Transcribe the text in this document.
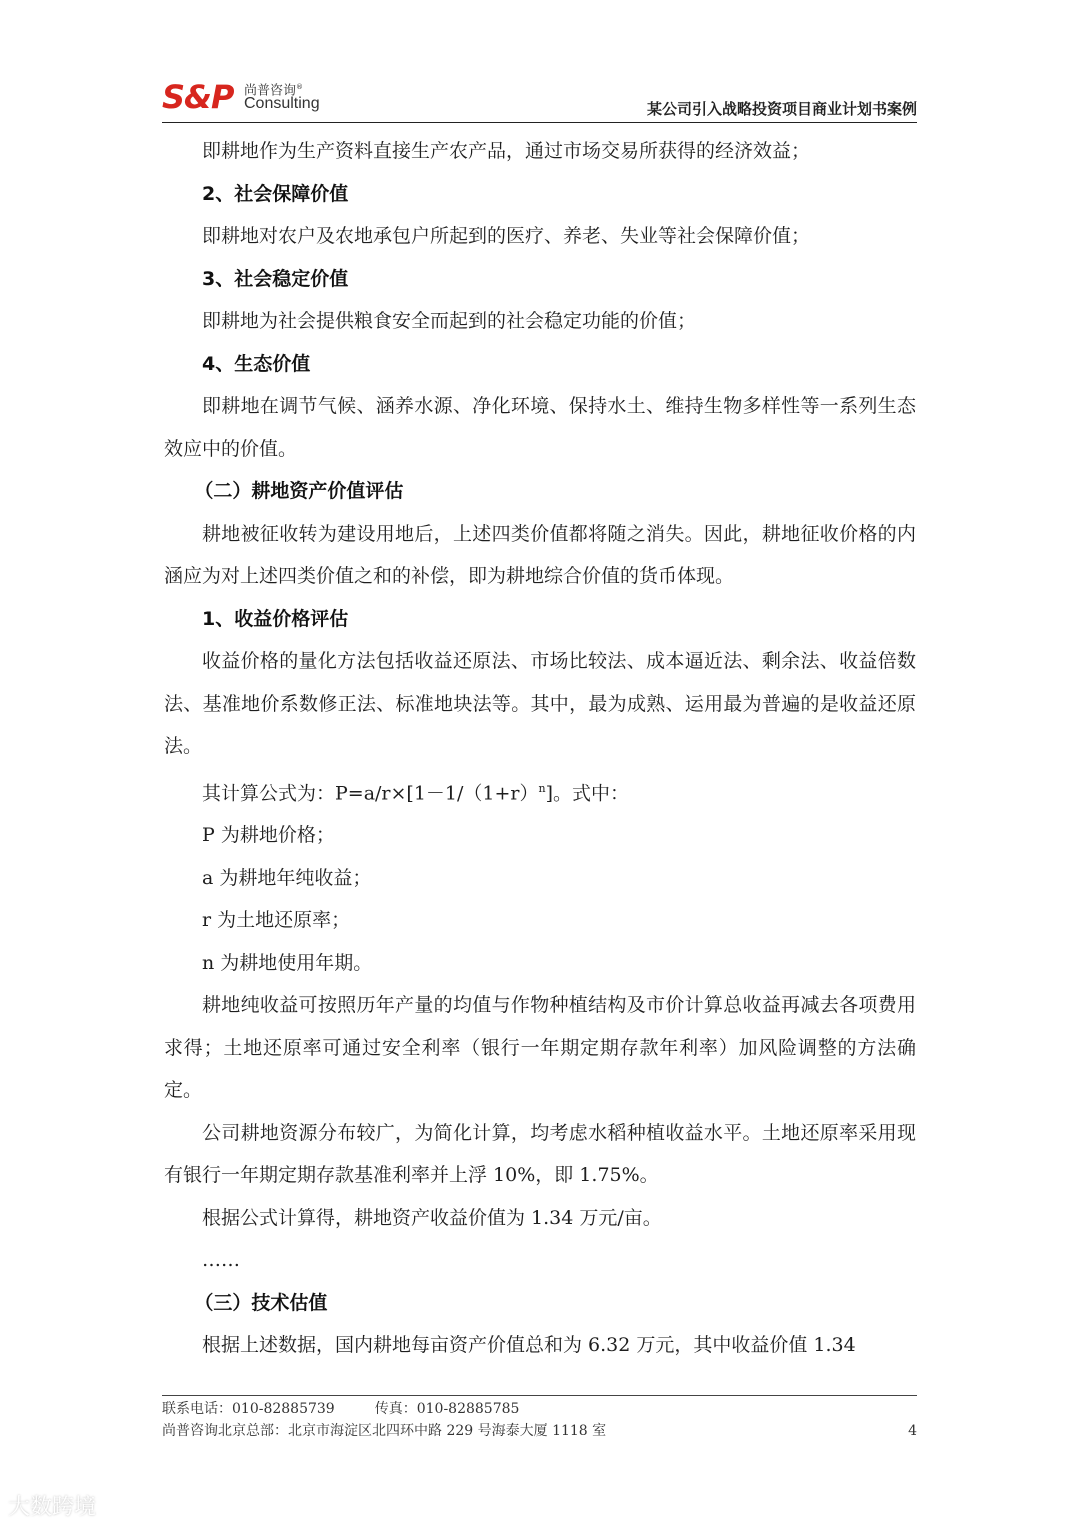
S&P 尚普咨询®
Consulting	某公司引入战略投资项目商业计划书案例

即耕地作为生产资料直接生产农产品，通过市场交易所获得的经济效益；

2、社会保障价值

即耕地对农户及农地承包户所起到的医疗、养老、失业等社会保障价值；

3、社会稳定价值

即耕地为社会提供粮食安全而起到的社会稳定功能的价值；

4、生态价值

即耕地在调节气候、涵养水源、净化环境、保持水土、维持生物多样性等一系列生态效应中的价值。

（二）耕地资产价值评估

耕地被征收转为建设用地后，上述四类价值都将随之消失。因此，耕地征收价格的内涵应为对上述四类价值之和的补偿，即为耕地综合价值的货币体现。

1、收益价格评估

收益价格的量化方法包括收益还原法、市场比较法、成本逼近法、剩余法、收益倍数法、基准地价系数修正法、标准地块法等。其中，最为成熟、运用最为普遍的是收益还原法。

其计算公式为：$P=a/r\times[1-1/(1+r)^n]$。式中：

P 为耕地价格；

a 为耕地年纯收益；

r 为土地还原率；

n 为耕地使用年期。

耕地纯收益可按照历年产量的均值与作物种植结构及市价计算总收益再减去各项费用求得；土地还原率可通过安全利率（银行一年期定期存款年利率）加风险调整的方法确定。

公司耕地资源分布较广，为简化计算，均考虑水稻种植收益水平。土地还原率采用现有银行一年期定期存款基准利率并上浮 10%，即 1.75%。

根据公式计算得，耕地资产收益价值为 1.34 万元/亩。

……

（三）技术估值

根据上述数据，国内耕地每亩资产价值总和为 6.32 万元，其中收益价值 1.34

联系电话：010-82885739	传真：010-82885785
尚普咨询北京总部：北京市海淀区北四环中路 229 号海泰大厦 1118 室	4
大数跨境
